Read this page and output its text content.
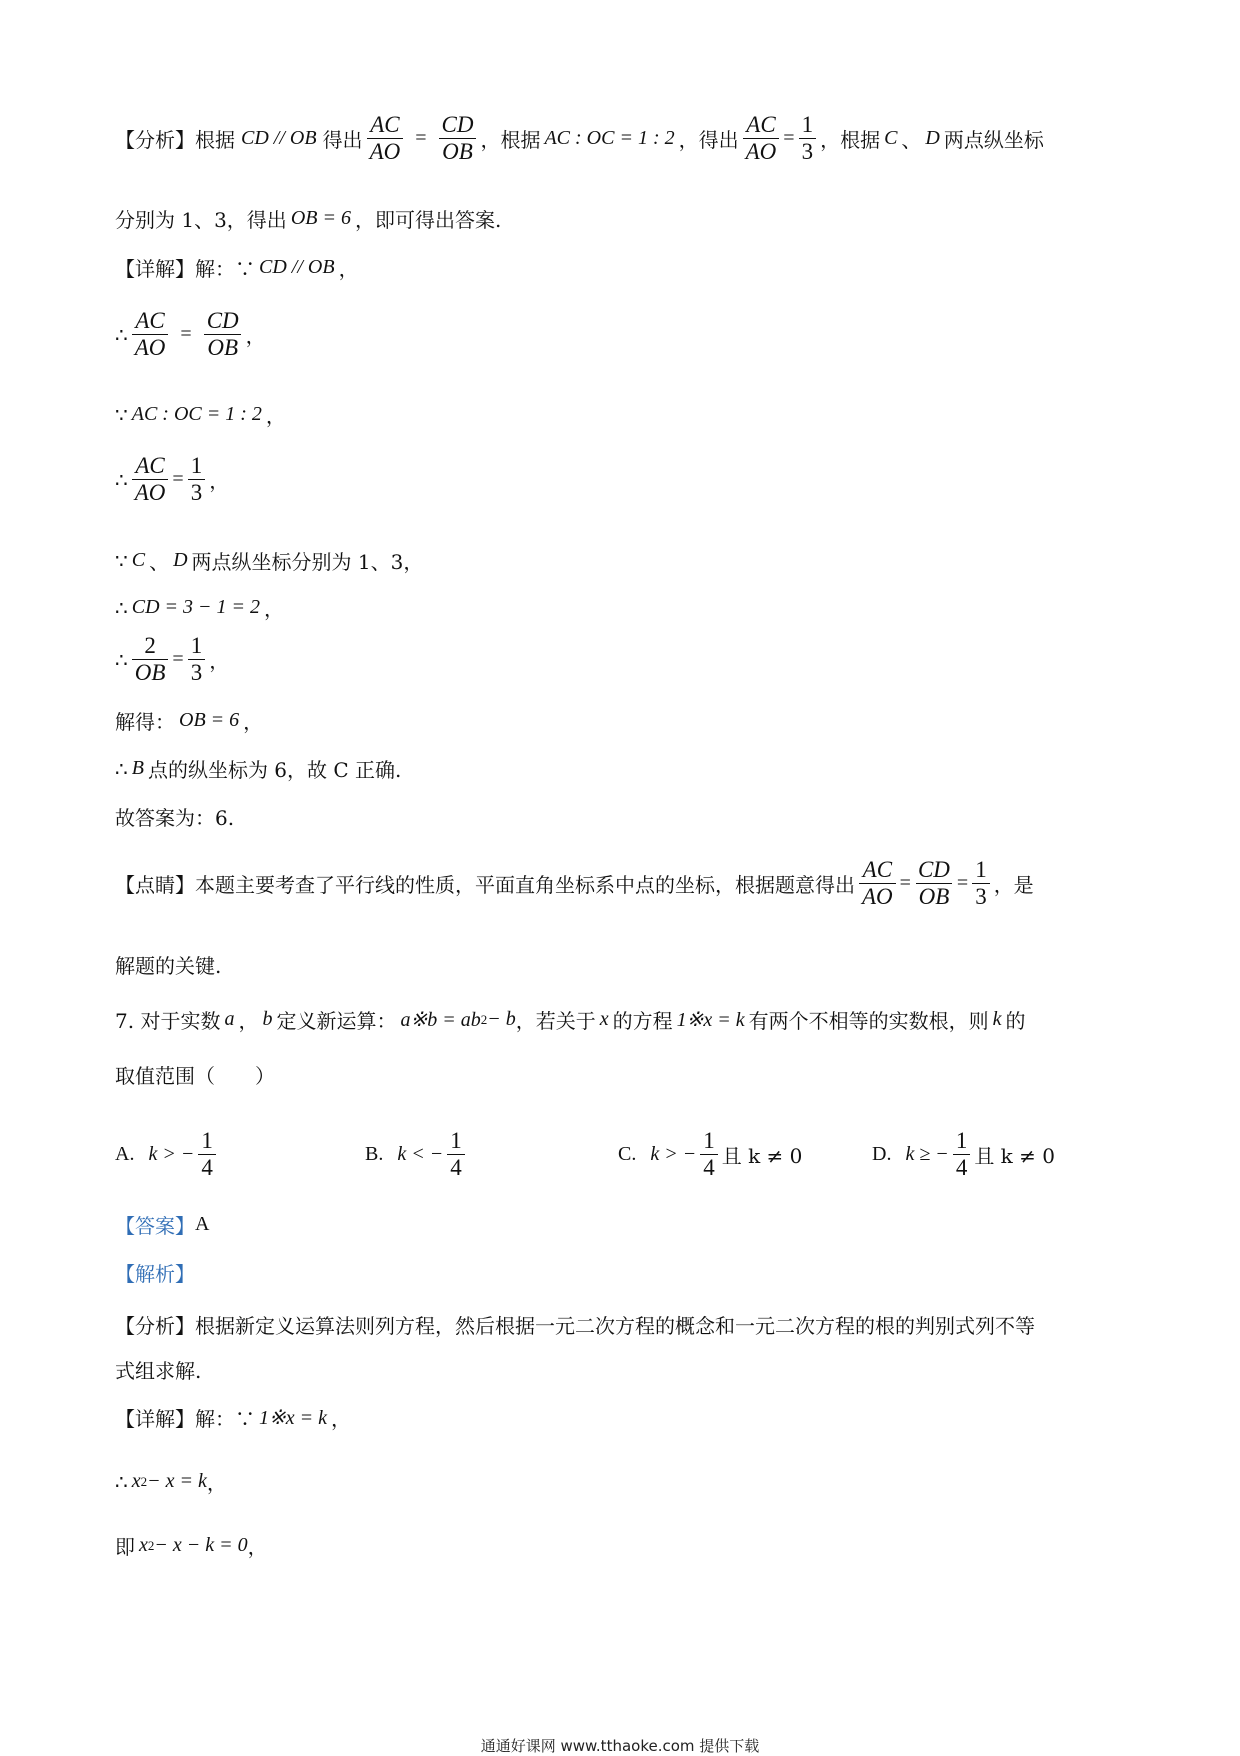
【分析】根据 CD // OB 得出 $\frac{AC}{AO} = \frac{CD}{OB}$ ，根据 AC : OC = 1 : 2 ，得出 $\frac{AC}{AO} = \frac{1}{3}$ ，根据 C 、 D 两点纵坐标
分别为 1、3，得出 OB = 6 ，即可得出答案.
【详解】解：∵ CD // OB ，
∴ $\frac{AC}{AO} = \frac{CD}{OB}$ ，
∵ AC : OC = 1 : 2 ，
∴ $\frac{AC}{AO} = \frac{1}{3}$ ，
∵ C 、 D 两点纵坐标分别为 1、3，
∴ CD = 3 − 1 = 2 ，
∴ $\frac{2}{OB} = \frac{1}{3}$ ，
解得： OB = 6 ，
∴ B 点的纵坐标为 6，故 C 正确.
故答案为：6.
【点睛】本题主要考查了平行线的性质，平面直角坐标系中点的坐标，根据题意得出 $\frac{AC}{AO} = \frac{CD}{OB} = \frac{1}{3}$ ，是
解题的关键.
7. 对于实数 a ， b 定义新运算： a※b = ab 2 − b ，若关于 x 的方程 1※x = k 有两个不相等的实数根，则 k 的
取值范围（　　）
A. k > − $\frac{1}{4}$	B. k < − $\frac{1}{4}$	C. k > − $\frac{1}{4}$ 且 k ≠ 0	D. k ≥ − $\frac{1}{4}$ 且 k ≠ 0
【答案】 A
【解析】
【分析】根据新定义运算法则列方程，然后根据一元二次方程的概念和一元二次方程的根的判别式列不等
式组求解.
【详解】解：∵ 1※x = k ，
∴ x 2 − x = k ，
即 x 2 − x − k = 0 ，
通通好课网 www.tthaoke.com 提供下载
